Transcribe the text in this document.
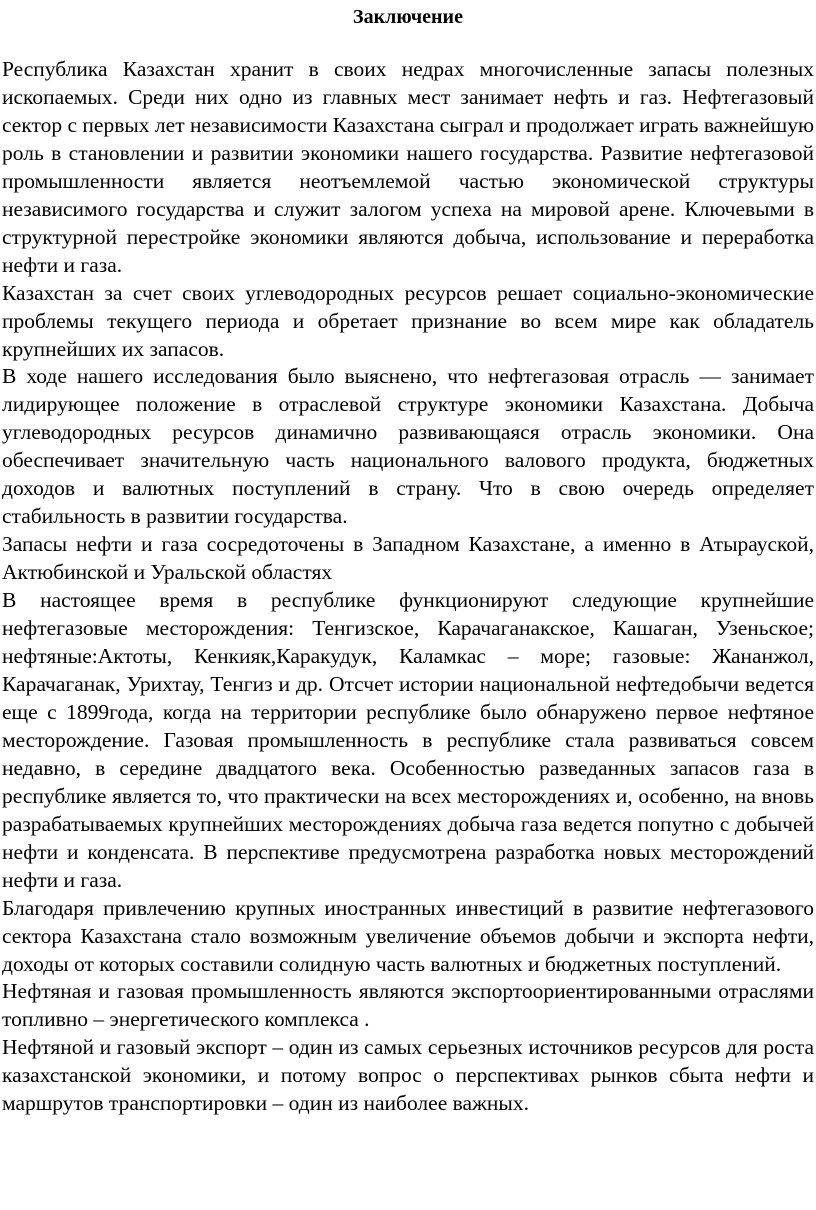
Заключение

Республика Казахстан хранит в своих недрах многочисленные запасы полезных ископаемых. Среди них одно из главных мест занимает нефть и газ. Нефтегазовый сектор с первых лет независимости Казахстана сыграл и продолжает играть важнейшую роль в становлении и развитии экономики нашего государства. Развитие нефтегазовой промышленности является неотъемлемой частью экономической структуры независимого государства и служит залогом успеха на мировой арене. Ключевыми в структурной перестройке экономики являются добыча, использование и переработка нефти и газа.

Казахстан за счет своих углеводородных ресурсов решает социально-экономические проблемы текущего периода и обретает признание во всем мире как обладатель крупнейших их запасов.

В ходе нашего исследования было выяснено, что нефтегазовая отрасль — занимает лидирующее положение в отраслевой структуре экономики Казахстана. Добыча углеводородных ресурсов динамично развивающаяся отрасль экономики. Она обеспечивает значительную часть национального валового продукта, бюджетных доходов и валютных поступлений в страну. Что в свою очередь определяет стабильность в развитии государства.

Запасы нефти и газа сосредоточены в Западном Казахстане, а именно в Атырауской, Актюбинской и Уральской областях

В настоящее время в республике функционируют следующие крупнейшие нефтегазовые месторождения: Тенгизское, Карачаганакское, Кашаган, Узеньское; нефтяные:Актоты, Кенкияк,Каракудук, Каламкас – море; газовые: Жананжол, Карачаганак, Урихтау, Тенгиз и др. Отсчет истории национальной нефтедобычи ведется еще с 1899года, когда на территории республике было обнаружено первое нефтяное месторождение. Газовая промышленность в республике стала развиваться совсем недавно, в середине двадцатого века. Особенностью разведанных запасов газа в республике является то, что практически на всех месторождениях и, особенно, на вновь разрабатываемых крупнейших месторождениях добыча газа ведется попутно с добычей нефти и конденсата. В перспективе предусмотрена разработка новых месторождений нефти и газа.

Благодаря привлечению крупных иностранных инвестиций в развитие нефтегазового сектора Казахстана стало возможным увеличение объемов добычи и экспорта нефти, доходы от которых составили солидную часть валютных и бюджетных поступлений.

Нефтяная и газовая промышленность являются экспортоориентированными отраслями топливно – энергетического комплекса .

Нефтяной и газовый экспорт – один из самых серьезных источников ресурсов для роста казахстанской экономики, и потому вопрос о перспективах рынков сбыта нефти и маршрутов транспортировки – один из наиболее важных.
